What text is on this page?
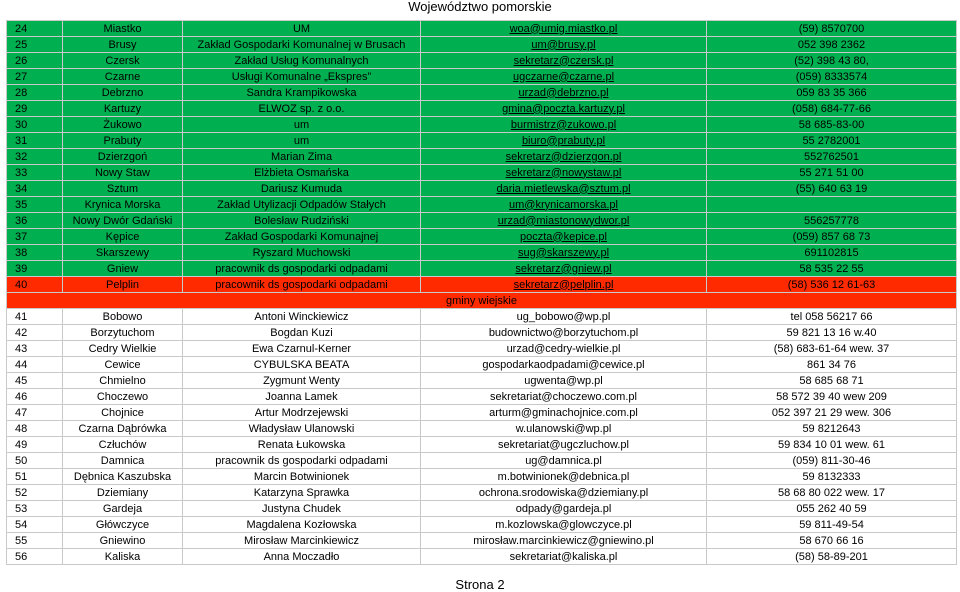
Województwo pomorskie
24	Miastko	UM	woa@umig.miastko.pl	(59) 8570700
25	Brusy	Zakład Gospodarki Komunalnej w Brusach	um@brusy.pl	052 398 2362
26	Czersk	Zakład Usług Komunalnych	sekretarz@czersk.pl	(52) 398 43 80,
27	Czarne	Usługi Komunalne „Ekspres”	ugczarne@czarne.pl	(059) 8333574
28	Debrzno	Sandra Krampikowska	urzad@debrzno.pl	059 83 35 366
29	Kartuzy	ELWOZ sp. z o.o.	gmina@poczta.kartuzy.pl	(058) 684-77-66
30	Żukowo	um	burmistrz@zukowo.pl	58 685-83-00
31	Prabuty	um	biuro@prabuty.pl	55 2782001
32	Dzierzgoń	Marian Zima	sekretarz@dzierzgon.pl	552762501
33	Nowy Staw	Elżbieta Osmańska	sekretarz@nowystaw.pl	55 271 51 00
34	Sztum	Dariusz Kumuda	daria.mietlewska@sztum.pl	(55) 640 63 19
35	Krynica Morska	Zakład Utylizacji Odpadów Stałych	um@krynicamorska.pl	
36	Nowy Dwór Gdański	Bolesław Rudziński	urzad@miastonowydwor.pl	556257778
37	Kępice	Zakład Gospodarki Komunajnej	poczta@kepice.pl	(059) 857 68 73
38	Skarszewy	Ryszard Muchowski	sug@skarszewy.pl	691102815
39	Gniew	pracownik ds gospodarki odpadami	sekretarz@gniew.pl	58 535 22 55
40	Pelplin	pracownik ds gospodarki odpadami	sekretarz@pelplin.pl	(58) 536 12 61-63
gminy wiejskie				
41	Bobowo	Antoni Winckiewicz	ug_bobowo@wp.pl	tel 058 56217 66
42	Borzytuchom	Bogdan Kuzi	budownictwo@borzytuchom.pl	59 821 13 16 w.40
43	Cedry Wielkie	Ewa Czarnul-Kerner	urzad@cedry-wielkie.pl	(58) 683-61-64 wew. 37
44	Cewice	CYBULSKA BEATA	gospodarkaodpadami@cewice.pl	861 34 76
45	Chmielno	Zygmunt Wenty	ugwenta@wp.pl	58 685 68 71
46	Choczewo	Joanna Lamek	sekretariat@choczewo.com.pl	58 572 39 40 wew 209
47	Chojnice	Artur Modrzejewski	arturm@gminachojnice.com.pl	052 397 21 29 wew. 306
48	Czarna Dąbrówka	Władysław Ulanowski	w.ulanowski@wp.pl	59 8212643
49	Człuchów	Renata Łukowska	sekretariat@ugczluchow.pl	59 834 10 01 wew. 61
50	Damnica	pracownik ds gospodarki odpadami	ug@damnica.pl	(059) 811-30-46
51	Dębnica Kaszubska	Marcin Botwinionek	m.botwinionek@debnica.pl	59 8132333
52	Dziemiany	Katarzyna Sprawka	ochrona.srodowiska@dziemiany.pl	58 68 80 022 wew. 17
53	Gardeja	Justyna Chudek	odpady@gardeja.pl	055 262 40 59
54	Główczyce	Magdalena Kozłowska	m.kozlowska@glowczyce.pl	59 811-49-54
55	Gniewino	Mirosław Marcinkiewicz	mirosław.marcinkiewicz@gniewino.pl	58 670 66 16
56	Kaliska	Anna Moczadło	sekretariat@kaliska.pl	(58) 58-89-201
Strona 2
